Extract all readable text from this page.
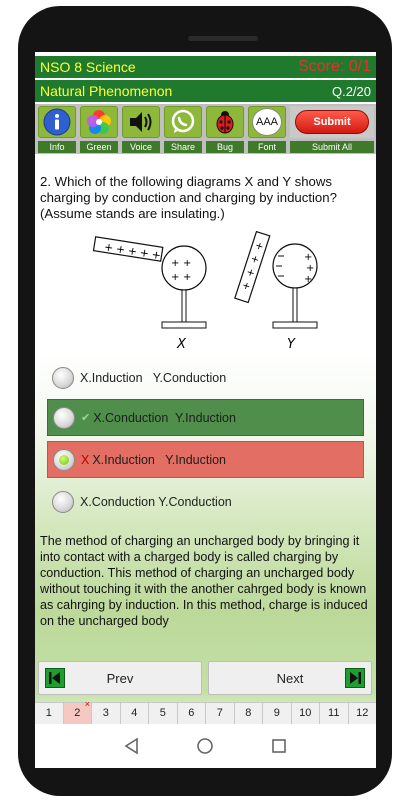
NSO 8 Science	Score: 0/1
Natural Phenomenon	Q.2/20
Info	Green	Voice	Share	Bug
AAA
Font
Submit
Submit All
2. Which of the following diagrams X and Y shows charging by conduction and charging by induction? (Assume stands are insulating.)
+ + + + +
+ +
+ +
X
+
+
+
+
+
+
+
Y
X.Induction   Y.Conduction
✔ X.Conduction  Y.Induction
X X.Induction   Y.Induction
X.Conduction Y.Conduction
The method of charging an uncharged body by bringing it into contact with a charged body is called charging by conduction. This method of charging an uncharged body without touching it with the another cahrged body is known as cahrging by induction. In this method, charge is induced on the uncharged body
Prev	Next
1	2
×
3	4	5	6	7	8	9	10	11	12
